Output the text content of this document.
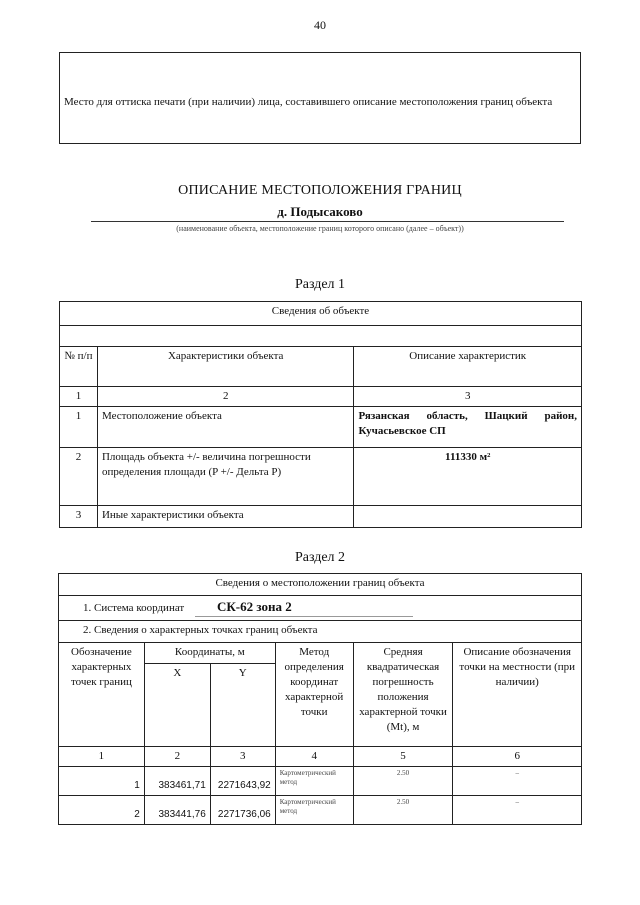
40
Место для оттиска печати (при наличии) лица, составившего описание местоположения границ объекта
ОПИСАНИЕ МЕСТОПОЛОЖЕНИЯ ГРАНИЦ
д. Подысаково
(наименование объекта, местоположение границ которого описано (далее – объект))
Раздел 1
Сведения об объекте		

№ п/п	Характеристики объекта	Описание характеристик
1	2	3
1	Местоположение объекта	Рязанская область, Шацкий район, Кучасьевское СП
2	Площадь объекта +/- величина погрешности определения площади (P +/- Дельта P)	111330 м²
3	Иные характеристики объекта	
Раздел 2
Сведения о местоположении границ объекта					
1. Система координат СК-62 зона 2					
2. Сведения о характерных точках границ объекта					
Обозначение характерных точек границ	Координаты, м		Метод определения координат характерной точки	Средняя квадратическая погрешность положения характерной точки (Mt), м	Описание обозначения точки на местности (при наличии)
	X	Y			
1	2	3	4	5	6
1	383461,71	2271643,92	Картометрический метод	2.50	–
2	383441,76	2271736,06	Картометрический метод	2.50	–
